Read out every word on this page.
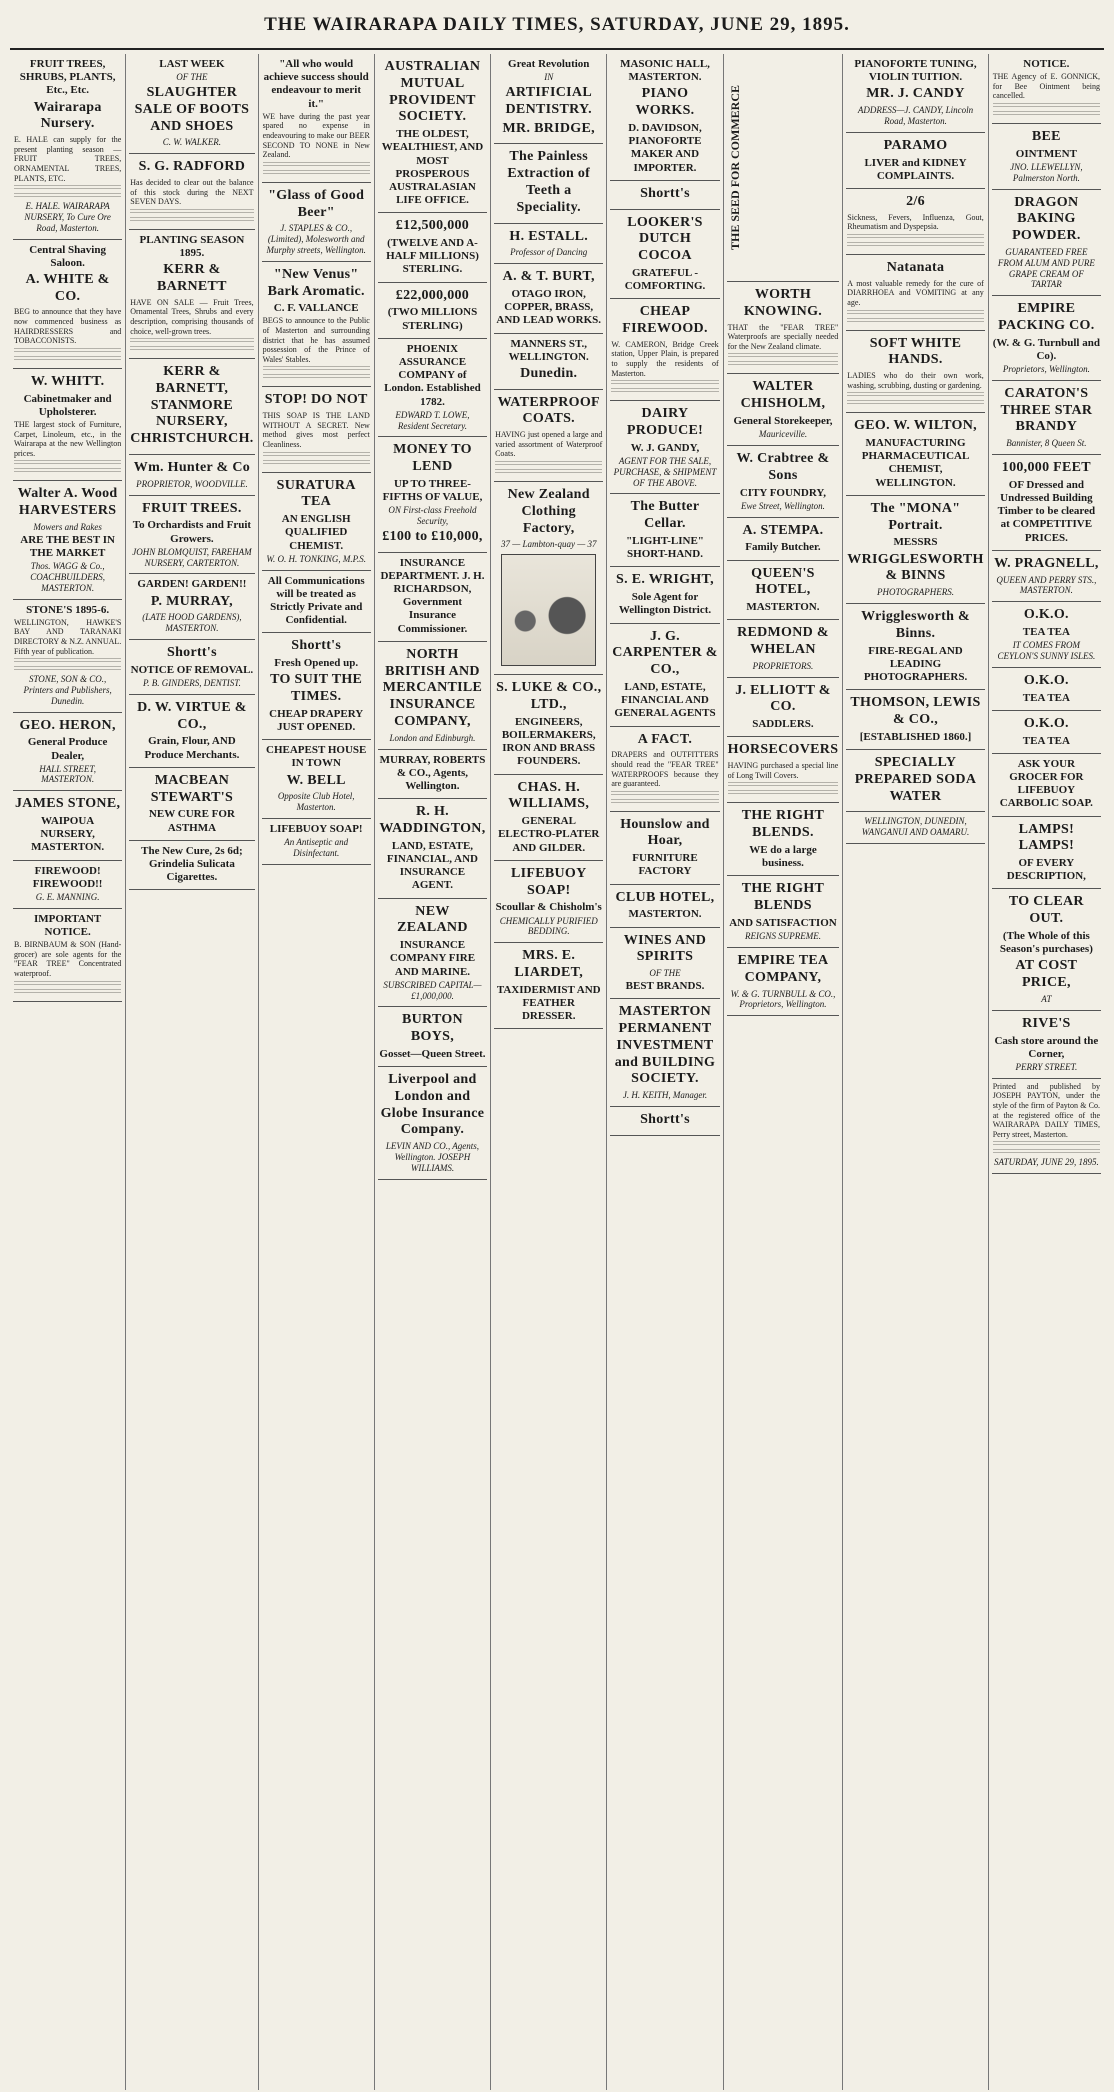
THE WAIRARAPA DAILY TIMES, SATURDAY, JUNE 29, 1895.
FRUIT TREES, SHRUBS, PLANTS, Etc., Etc.
Wairarapa Nursery.
E. HALE can supply for the present planting season — FRUIT TREES, ORNAMENTAL TREES, PLANTS, ETC.
E. HALE. WAIRARAPA NURSERY, To Cure Ore Road, Masterton.
Central Shaving Saloon.
A. WHITE & CO.
BEG to announce that they have now commenced business as HAIRDRESSERS and TOBACCONISTS.
W. WHITT.
Cabinetmaker and Upholsterer.
THE largest stock of Furniture, Carpet, Linoleum, etc., in the Wairarapa at the new Wellington prices.
Walter A. Wood HARVESTERS
Mowers and Rakes
ARE THE BEST IN THE MARKET
Thos. WAGG & Co., COACHBUILDERS, MASTERTON.
STONE'S 1895-6.
WELLINGTON, HAWKE'S BAY AND TARANAKI DIRECTORY & N.Z. ANNUAL. Fifth year of publication.
STONE, SON & CO., Printers and Publishers, Dunedin.
GEO. HERON,
General Produce Dealer,
HALL STREET, MASTERTON.
JAMES STONE,
WAIPOUA NURSERY, MASTERTON.
FIREWOOD! FIREWOOD!!
G. E. MANNING.
IMPORTANT NOTICE.
B. BIRNBAUM & SON (Hand-grocer) are sole agents for the "FEAR TREE" Concentrated waterproof.
LAST WEEK
OF THE
SLAUGHTER SALE OF BOOTS AND SHOES
C. W. WALKER.
S. G. RADFORD
Has decided to clear out the balance of this stock during the NEXT SEVEN DAYS.
PLANTING SEASON 1895.
KERR & BARNETT
HAVE ON SALE — Fruit Trees, Ornamental Trees, Shrubs and every description, comprising thousands of choice, well-grown trees.
KERR & BARNETT, STANMORE NURSERY, CHRISTCHURCH.
Wm. Hunter & Co
PROPRIETOR, WOODVILLE.
FRUIT TREES.
To Orchardists and Fruit Growers.
JOHN BLOMQUIST, FAREHAM NURSERY, CARTERTON.
GARDEN! GARDEN!!
P. MURRAY,
(LATE HOOD GARDENS), MASTERTON.
Shortt's
NOTICE OF REMOVAL.
P. B. GINDERS, DENTIST.
D. W. VIRTUE & CO.,
Grain, Flour, AND Produce Merchants.
MACBEAN STEWART'S
NEW CURE FOR ASTHMA
The New Cure, 2s 6d; Grindelia Sulicata Cigarettes.
"All who would achieve success should endeavour to merit it."
WE have during the past year spared no expense in endeavouring to make our BEER SECOND TO NONE in New Zealand.
"Glass of Good Beer"
J. STAPLES & CO., (Limited), Molesworth and Murphy streets, Wellington.
"New Venus" Bark Aromatic.
C. F. VALLANCE
BEGS to announce to the Public of Masterton and surrounding district that he has assumed possession of the Prince of Wales' Stables.
STOP! DO NOT
THIS SOAP IS THE LAND WITHOUT A SECRET. New method gives most perfect Cleanliness.
SURATURA TEA
AN ENGLISH QUALIFIED CHEMIST.
W. O. H. TONKING, M.P.S.
All Communications will be treated as Strictly Private and Confidential.
Shortt's
Fresh Opened up.
TO SUIT THE TIMES.
CHEAP DRAPERY JUST OPENED.
CHEAPEST HOUSE IN TOWN
W. BELL
Opposite Club Hotel, Masterton.
LIFEBUOY SOAP!
An Antiseptic and Disinfectant.
AUSTRALIAN MUTUAL PROVIDENT SOCIETY.
THE OLDEST, WEALTHIEST, AND MOST PROSPEROUS AUSTRALASIAN LIFE OFFICE.
£12,500,000
(TWELVE AND A-HALF MILLIONS) STERLING.
£22,000,000
(TWO MILLIONS STERLING)
PHOENIX ASSURANCE COMPANY of London. Established 1782.
EDWARD T. LOWE, Resident Secretary.
MONEY TO LEND
UP TO THREE-FIFTHS OF VALUE,
ON First-class Freehold Security,
£100 to £10,000,
INSURANCE DEPARTMENT. J. H. RICHARDSON, Government Insurance Commissioner.
NORTH BRITISH AND MERCANTILE INSURANCE COMPANY,
London and Edinburgh.
MURRAY, ROBERTS & CO., Agents, Wellington.
R. H. WADDINGTON,
LAND, ESTATE, FINANCIAL, AND INSURANCE AGENT.
NEW ZEALAND
INSURANCE COMPANY FIRE AND MARINE.
SUBSCRIBED CAPITAL—£1,000,000.
BURTON BOYS,
Gosset—Queen Street.
Liverpool and London and Globe Insurance Company.
LEVIN AND CO., Agents, Wellington. JOSEPH WILLIAMS.
Great Revolution
IN
ARTIFICIAL DENTISTRY.
MR. BRIDGE,
The Painless Extraction of Teeth a Speciality.
H. ESTALL.
Professor of Dancing
A. & T. BURT,
OTAGO IRON, COPPER, BRASS, AND LEAD WORKS.
MANNERS ST., WELLINGTON.
Dunedin.
WATERPROOF COATS.
HAVING just opened a large and varied assortment of Waterproof Coats.
New Zealand Clothing Factory,
37 — Lambton-quay — 37
S. LUKE & CO., LTD.,
ENGINEERS, BOILERMAKERS, IRON AND BRASS FOUNDERS.
CHAS. H. WILLIAMS,
GENERAL ELECTRO-PLATER AND GILDER.
LIFEBUOY SOAP!
Scoullar & Chisholm's
CHEMICALLY PURIFIED BEDDING.
MRS. E. LIARDET,
TAXIDERMIST AND FEATHER DRESSER.
MASONIC HALL, MASTERTON.
PIANO WORKS.
D. DAVIDSON, PIANOFORTE MAKER AND IMPORTER.
Shortt's
LOOKER'S DUTCH COCOA
GRATEFUL - COMFORTING.
CHEAP FIREWOOD.
W. CAMERON, Bridge Creek station, Upper Plain, is prepared to supply the residents of Masterton.
DAIRY PRODUCE!
W. J. GANDY,
AGENT FOR THE SALE, PURCHASE, & SHIPMENT OF THE ABOVE.
The Butter Cellar.
"LIGHT-LINE" SHORT-HAND.
S. E. WRIGHT,
Sole Agent for Wellington District.
J. G. CARPENTER & CO.,
LAND, ESTATE, FINANCIAL AND GENERAL AGENTS
A FACT.
DRAPERS and OUTFITTERS should read the "FEAR TREE" WATERPROOFS because they are guaranteed.
Hounslow and Hoar,
FURNITURE FACTORY
CLUB HOTEL,
MASTERTON.
WINES AND SPIRITS
OF THE
BEST BRANDS.
MASTERTON PERMANENT INVESTMENT and BUILDING SOCIETY.
J. H. KEITH, Manager.
Shortt's
THE SEED FOR COMMERCE
WORTH KNOWING.
THAT the "FEAR TREE" Waterproofs are specially needed for the New Zealand climate.
WALTER CHISHOLM,
General Storekeeper,
Mauriceville.
W. Crabtree & Sons
CITY FOUNDRY,
Ewe Street, Wellington.
A. STEMPA.
Family Butcher.
QUEEN'S HOTEL,
MASTERTON.
REDMOND & WHELAN
PROPRIETORS.
J. ELLIOTT & CO.
SADDLERS.
HORSECOVERS
HAVING purchased a special line of Long Twill Covers.
THE RIGHT BLENDS.
WE do a large business.
THE RIGHT BLENDS
AND SATISFACTION
REIGNS SUPREME.
EMPIRE TEA COMPANY,
W. & G. TURNBULL & CO., Proprietors, Wellington.
PIANOFORTE TUNING, VIOLIN TUITION.
MR. J. CANDY
ADDRESS—J. CANDY, Lincoln Road, Masterton.
PARAMO
LIVER and KIDNEY COMPLAINTS.
2/6
Sickness, Fevers, Influenza, Gout, Rheumatism and Dyspepsia.
Natanata
A most valuable remedy for the cure of DIARRHOEA and VOMITING at any age.
SOFT WHITE HANDS.
LADIES who do their own work, washing, scrubbing, dusting or gardening.
GEO. W. WILTON,
MANUFACTURING PHARMACEUTICAL CHEMIST, WELLINGTON.
The "MONA" Portrait.
MESSRS
WRIGGLESWORTH & BINNS
PHOTOGRAPHERS.
Wrigglesworth & Binns.
FIRE-REGAL AND LEADING PHOTOGRAPHERS.
THOMSON, LEWIS & CO.,
[ESTABLISHED 1860.]
SPECIALLY PREPARED SODA WATER
WELLINGTON, DUNEDIN, WANGANUI AND OAMARU.
NOTICE.
THE Agency of E. GONNICK, for Bee Ointment being cancelled.
BEE
OINTMENT
JNO. LLEWELLYN, Palmerston North.
DRAGON BAKING POWDER.
GUARANTEED FREE FROM ALUM AND PURE GRAPE CREAM OF TARTAR
EMPIRE PACKING CO.
(W. & G. Turnbull and Co).
Proprietors, Wellington.
CARATON'S THREE STAR BRANDY
Bannister, 8 Queen St.
100,000 FEET
OF Dressed and Undressed Building Timber to be cleared at COMPETITIVE PRICES.
W. PRAGNELL,
QUEEN AND PERRY STS., MASTERTON.
O.K.O.
TEA TEA
IT COMES FROM CEYLON'S SUNNY ISLES.
O.K.O.
TEA TEA
O.K.O.
TEA TEA
ASK YOUR GROCER FOR LIFEBUOY CARBOLIC SOAP.
LAMPS! LAMPS!
OF EVERY DESCRIPTION,
TO CLEAR OUT.
(The Whole of this Season's purchases)
AT COST PRICE,
AT
RIVE'S
Cash store around the Corner,
PERRY STREET.
Printed and published by JOSEPH PAYTON, under the style of the firm of Payton & Co. at the registered office of the WAIRARAPA DAILY TIMES, Perry street, Masterton.
SATURDAY, JUNE 29, 1895.
